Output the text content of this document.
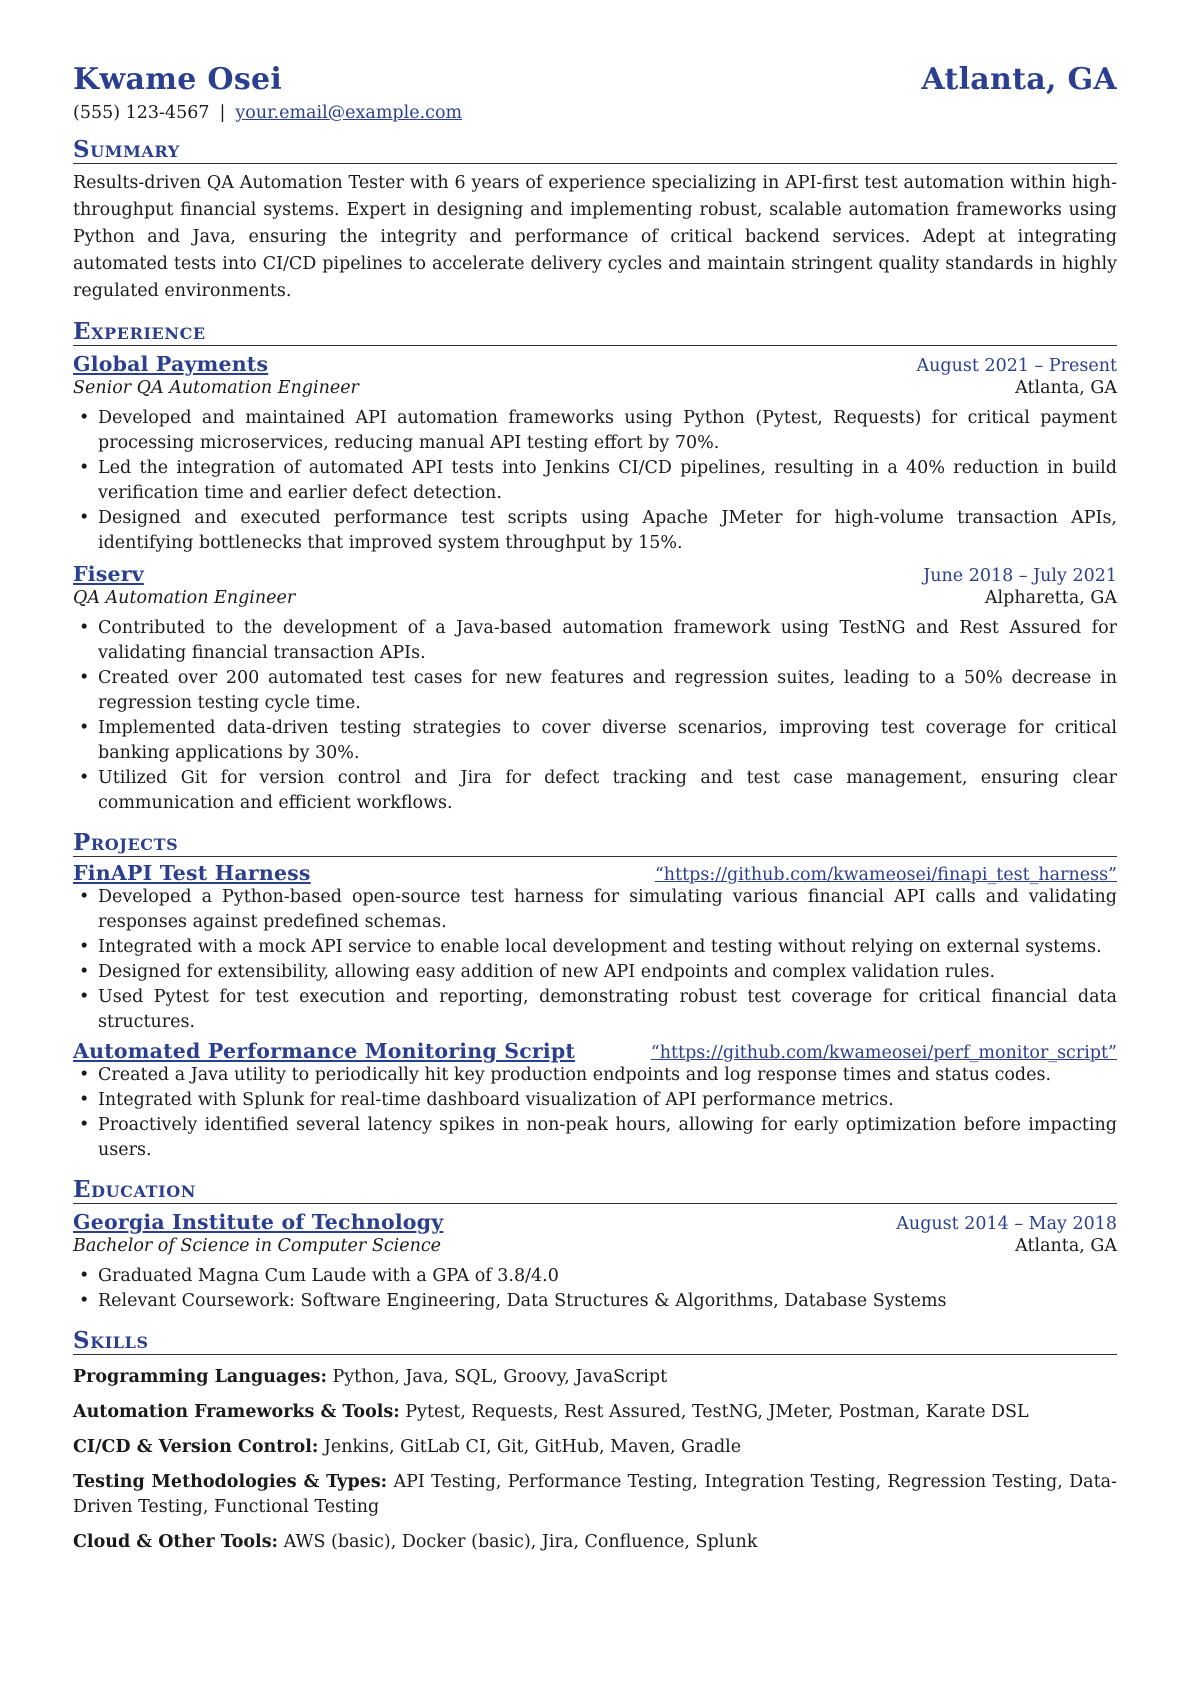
Kwame Osei	Atlanta, GA
(555) 123-4567 | your.email@example.com
Summary
Results-driven QA Automation Tester with 6 years of experience specializing in API-first test automation within high-throughput financial systems. Expert in designing and implementing robust, scalable automation frameworks using Python and Java, ensuring the integrity and performance of critical backend services. Adept at integrating automated tests into CI/CD pipelines to accelerate delivery cycles and maintain stringent quality standards in highly regulated environments.
Experience
Global Payments	August 2021 – Present
Senior QA Automation Engineer	Atlanta, GA
• Developed and maintained API automation frameworks using Python (Pytest, Requests) for critical payment processing microservices, reducing manual API testing effort by 70%.
• Led the integration of automated API tests into Jenkins CI/CD pipelines, resulting in a 40% reduction in build verification time and earlier defect detection.
• Designed and executed performance test scripts using Apache JMeter for high-volume transaction APIs, identifying bottlenecks that improved system throughput by 15%.
Fiserv	June 2018 – July 2021
QA Automation Engineer	Alpharetta, GA
• Contributed to the development of a Java-based automation framework using TestNG and Rest Assured for validating financial transaction APIs.
• Created over 200 automated test cases for new features and regression suites, leading to a 50% decrease in regression testing cycle time.
• Implemented data-driven testing strategies to cover diverse scenarios, improving test coverage for critical banking applications by 30%.
• Utilized Git for version control and Jira for defect tracking and test case management, ensuring clear communication and efficient workflows.
Projects
FinAPI Test Harness	“https://github.com/kwameosei/finapi_test_harness”
• Developed a Python-based open-source test harness for simulating various financial API calls and validating responses against predefined schemas.
• Integrated with a mock API service to enable local development and testing without relying on external systems.
• Designed for extensibility, allowing easy addition of new API endpoints and complex validation rules.
• Used Pytest for test execution and reporting, demonstrating robust test coverage for critical financial data structures.
Automated Performance Monitoring Script	“https://github.com/kwameosei/perf_monitor_script”
• Created a Java utility to periodically hit key production endpoints and log response times and status codes.
• Integrated with Splunk for real-time dashboard visualization of API performance metrics.
• Proactively identified several latency spikes in non-peak hours, allowing for early optimization before impacting users.
Education
Georgia Institute of Technology	August 2014 – May 2018
Bachelor of Science in Computer Science	Atlanta, GA
• Graduated Magna Cum Laude with a GPA of 3.8/4.0
• Relevant Coursework: Software Engineering, Data Structures & Algorithms, Database Systems
Skills
Programming Languages: Python, Java, SQL, Groovy, JavaScript
Automation Frameworks & Tools: Pytest, Requests, Rest Assured, TestNG, JMeter, Postman, Karate DSL
CI/CD & Version Control: Jenkins, GitLab CI, Git, GitHub, Maven, Gradle
Testing Methodologies & Types: API Testing, Performance Testing, Integration Testing, Regression Testing, Data-Driven Testing, Functional Testing
Cloud & Other Tools: AWS (basic), Docker (basic), Jira, Confluence, Splunk
